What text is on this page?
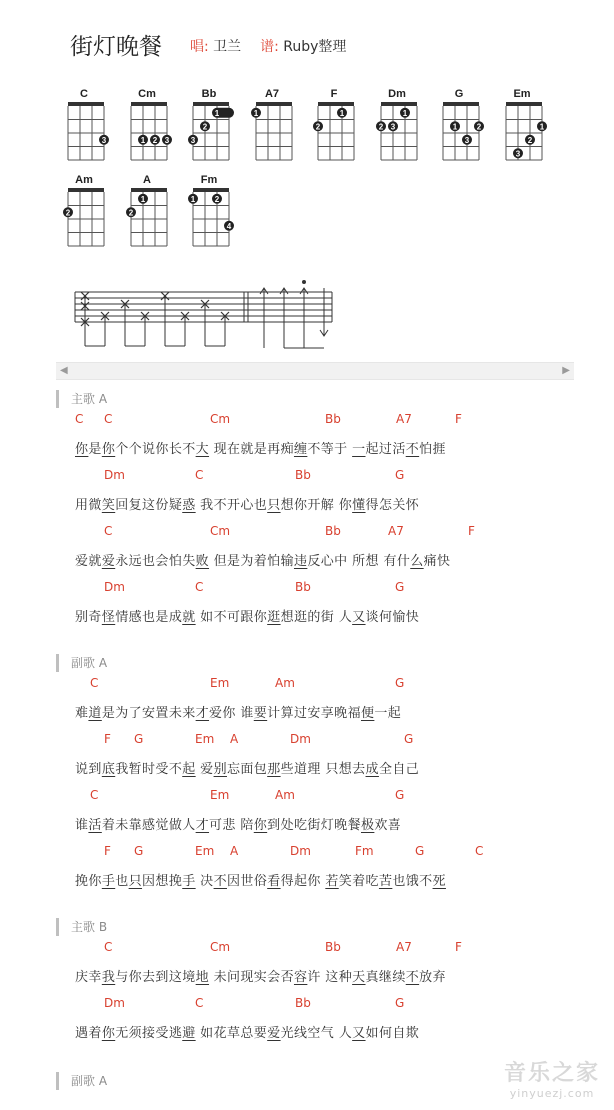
街灯晚餐 唱: 卫兰 谱: Ruby整理
C
3
Cm
1 2 3
Bb
1
3
2
A7
1
F
2
1
Dm
2 3
1
G
1
3
2
Em
3
2
1
Am
2
A
2
1
Fm
1 2
4
◀	▶
主歌 A
C C	Cm	Bb	A7	F
你是你个个说你长不大 现在就是再痴缠不等于 一起过活不怕捱
Dm	C	Bb	G
用微笑回复这份疑惑 我不开心也只想你开解 你懂得怎关怀
C	Cm	Bb	A7	F
爱就爱永远也会怕失败 但是为着怕输违反心中 所想 有什么痛快
Dm	C	Bb	G
别奇怪情感也是成就 如不可跟你逛想逛的街 人又谈何愉快
副歌 A
C	Em	Am	G
难道是为了安置未来才爱你 谁要计算过安享晚福便一起
F G	Em A	Dm	G
说到底我暂时受不起 爱别忘面包那些道理 只想去成全自己
C	Em	Am	G
谁活着未靠感觉做人才可悲 陪你到处吃街灯晚餐极欢喜
F G	Em A	Dm	Fm	G	C
挽你手也只因想挽手 决不因世俗看得起你 若笑着吃苦也饿不死
主歌 B
C	Cm	Bb	A7	F
庆幸我与你去到这境地 未问现实会否容许 这种天真继续不放弃
Dm	C	Bb	G
遇着你无须接受逃避 如花草总要爱光线空气 人又如何自欺
副歌 A	音乐之家
yinyuezj.com
